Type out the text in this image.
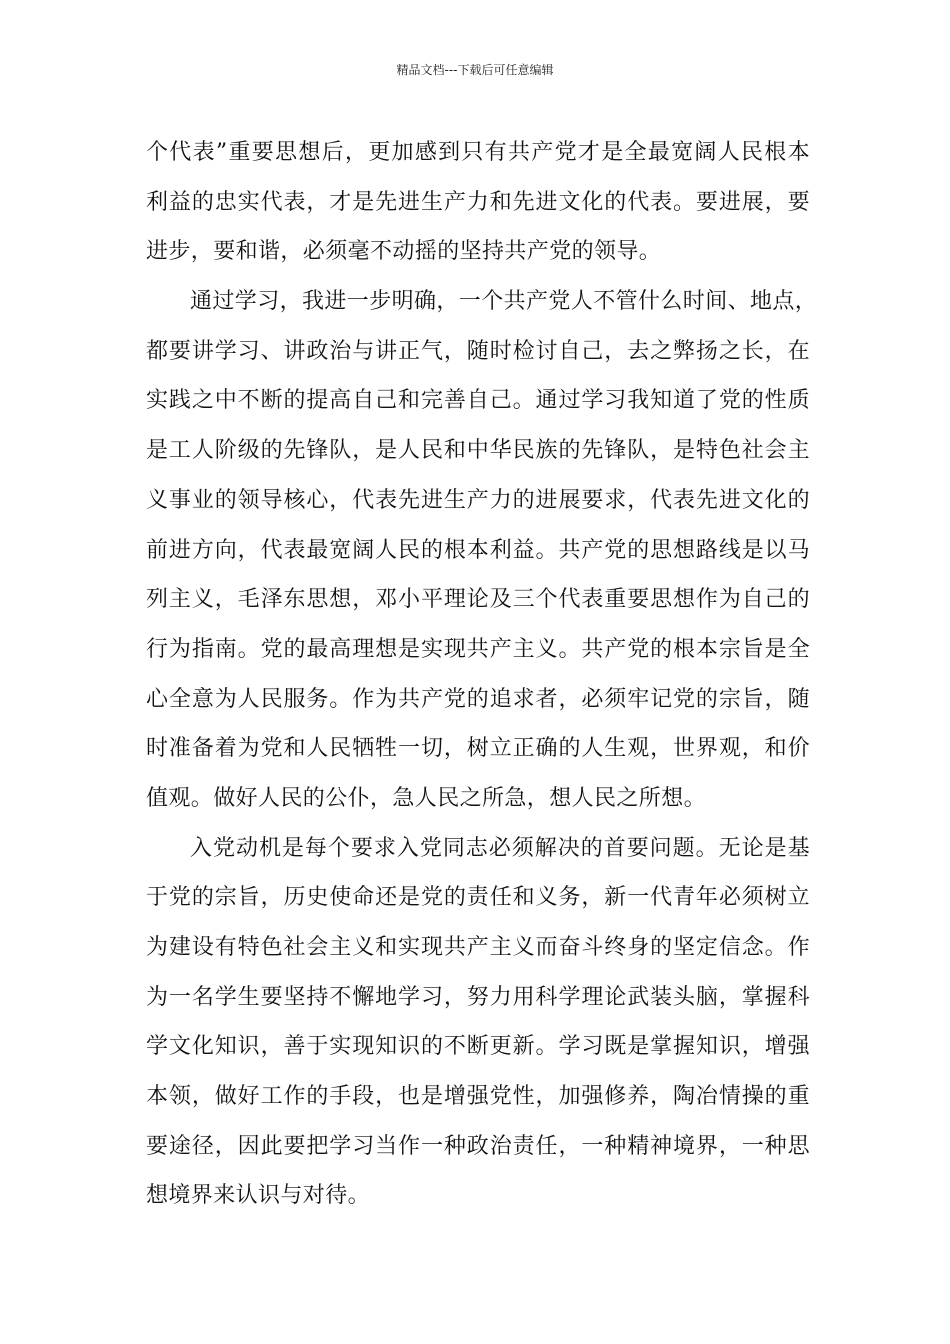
精品文档---下载后可任意编辑
个代表”重要思想后，更加感到只有共产党才是全最宽阔人民根本
利益的忠实代表，才是先进生产力和先进文化的代表。要进展，要
进步，要和谐，必须毫不动摇的坚持共产党的领导。
通过学习，我进一步明确，一个共产党人不管什么时间、地点，
都要讲学习、讲政治与讲正气，随时检讨自己，去之弊扬之长，在
实践之中不断的提高自己和完善自己。通过学习我知道了党的性质
是工人阶级的先锋队，是人民和中华民族的先锋队，是特色社会主
义事业的领导核心，代表先进生产力的进展要求，代表先进文化的
前进方向，代表最宽阔人民的根本利益。共产党的思想路线是以马
列主义，毛泽东思想，邓小平理论及三个代表重要思想作为自己的
行为指南。党的最高理想是实现共产主义。共产党的根本宗旨是全
心全意为人民服务。作为共产党的追求者，必须牢记党的宗旨，随
时准备着为党和人民牺牲一切，树立正确的人生观，世界观，和价
值观。做好人民的公仆，急人民之所急，想人民之所想。
入党动机是每个要求入党同志必须解决的首要问题。无论是基
于党的宗旨，历史使命还是党的责任和义务，新一代青年必须树立
为建设有特色社会主义和实现共产主义而奋斗终身的坚定信念。作
为一名学生要坚持不懈地学习，努力用科学理论武装头脑，掌握科
学文化知识，善于实现知识的不断更新。学习既是掌握知识，增强
本领，做好工作的手段，也是增强党性，加强修养，陶冶情操的重
要途径，因此要把学习当作一种政治责任，一种精神境界，一种思
想境界来认识与对待。
